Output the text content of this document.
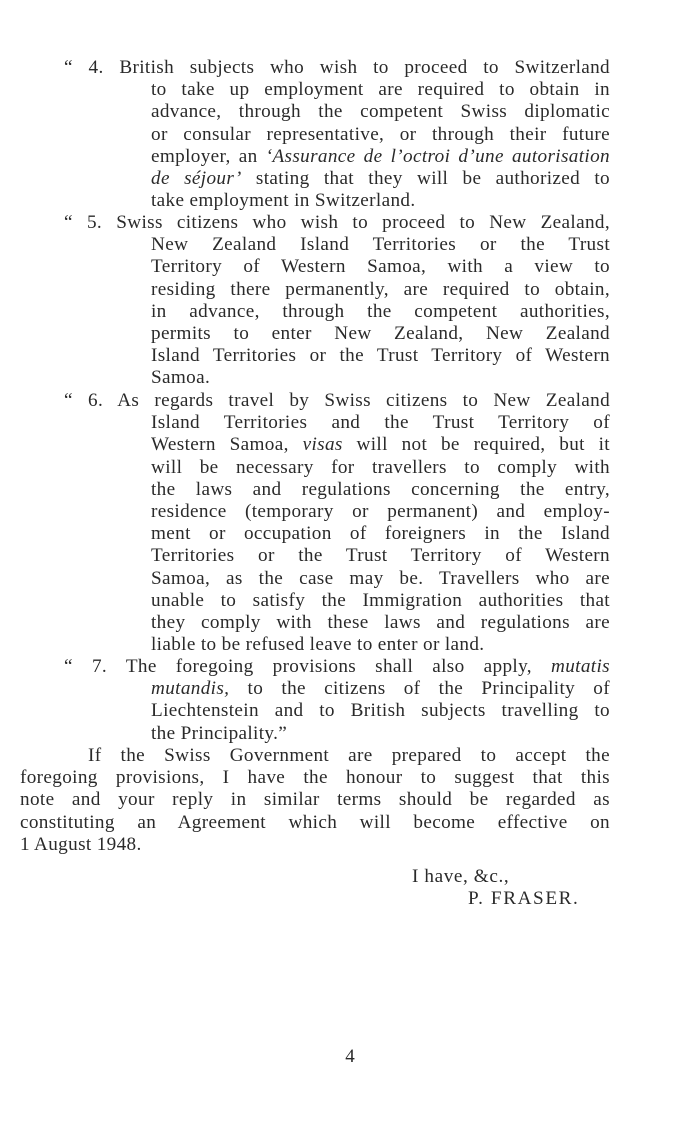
“ 4. British subjects who wish to proceed to Switzerland
to take up employment are required to obtain in
advance, through the competent Swiss diplomatic
or consular representative, or through their future
employer, an ‘Assurance de l’octroi d’une autorisation
de séjour’ stating that they will be authorized to
take employment in Switzerland.
“ 5. Swiss citizens who wish to proceed to New Zealand,
New Zealand Island Territories or the Trust
Territory of Western Samoa, with a view to
residing there permanently, are required to obtain,
in advance, through the competent authorities,
permits to enter New Zealand, New Zealand
Island Territories or the Trust Territory of Western
Samoa.
“ 6. As regards travel by Swiss citizens to New Zealand
Island Territories and the Trust Territory of
Western Samoa, visas will not be required, but it
will be necessary for travellers to comply with
the laws and regulations concerning the entry,
residence (temporary or permanent) and employ-
ment or occupation of foreigners in the Island
Territories or the Trust Territory of Western
Samoa, as the case may be. Travellers who are
unable to satisfy the Immigration authorities that
they comply with these laws and regulations are
liable to be refused leave to enter or land.
“ 7. The foregoing provisions shall also apply, mutatis
mutandis, to the citizens of the Principality of
Liechtenstein and to British subjects travelling to
the Principality.”
If the Swiss Government are prepared to accept the
foregoing provisions, I have the honour to suggest that this
note and your reply in similar terms should be regarded as
constituting an Agreement which will become effective on
1 August 1948.
I have, &c.,
P. FRASER.
4
